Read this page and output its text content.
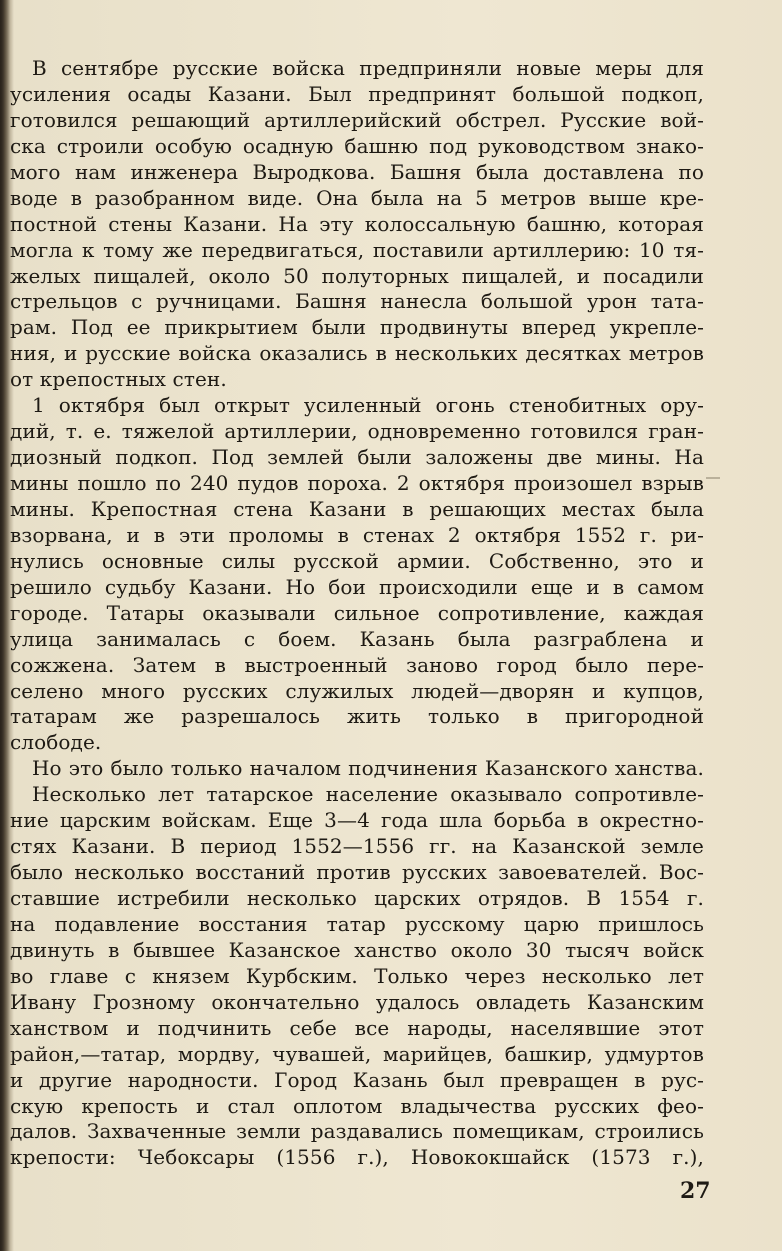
В сентябре русские войска предприняли новые меры для
усиления осады Казани. Был предпринят большой подкоп,
готовился решающий артиллерийский обстрел. Русские вой-
ска строили особую осадную башню под руководством знако-
мого нам инженера Выродкова. Башня была доставлена по
воде в разобранном виде. Она была на 5 метров выше кре-
постной стены Казани. На эту колоссальную башню, которая
могла к тому же передвигаться, поставили артиллерию: 10 тя-
желых пищалей, около 50 полуторных пищалей, и посадили
стрельцов с ручницами. Башня нанесла большой урон тата-
рам. Под ее прикрытием были продвинуты вперед укрепле-
ния, и русские войска оказались в нескольких десятках метров
от крепостных стен.
1 октября был открыт усиленный огонь стенобитных ору-
дий, т. е. тяжелой артиллерии, одновременно готовился гран-
диозный подкоп. Под землей были заложены две мины. На
мины пошло по 240 пудов пороха. 2 октября произошел взрыв
мины. Крепостная стена Казани в решающих местах была
взорвана, и в эти проломы в стенах 2 октября 1552 г. ри-
нулись основные силы русской армии. Собственно, это и
решило судьбу Казани. Но бои происходили еще и в самом
городе. Татары оказывали сильное сопротивление, каждая
улица занималась с боем. Казань была разграблена и
сожжена. Затем в выстроенный заново город было пере-
селено много русских служилых людей—дворян и купцов,
татарам же разрешалось жить только в пригородной
слободе.
Но это было только началом подчинения Казанского ханства.
Несколько лет татарское население оказывало сопротивле-
ние царским войскам. Еще 3—4 года шла борьба в окрестно-
стях Казани. В период 1552—1556 гг. на Казанской земле
было несколько восстаний против русских завоевателей. Вос-
ставшие истребили несколько царских отрядов. В 1554 г.
на подавление восстания татар русскому царю пришлось
двинуть в бывшее Казанское ханство около 30 тысяч войск
во главе с князем Курбским. Только через несколько лет
Ивану Грозному окончательно удалось овладеть Казанским
ханством и подчинить себе все народы, населявшие этот
район,—татар, мордву, чувашей, марийцев, башкир, удмуртов
и другие народности. Город Казань был превращен в рус-
скую крепость и стал оплотом владычества русских фео-
далов. Захваченные земли раздавались помещикам, строились
крепости: Чебоксары (1556 г.), Новококшайск (1573 г.),
27
